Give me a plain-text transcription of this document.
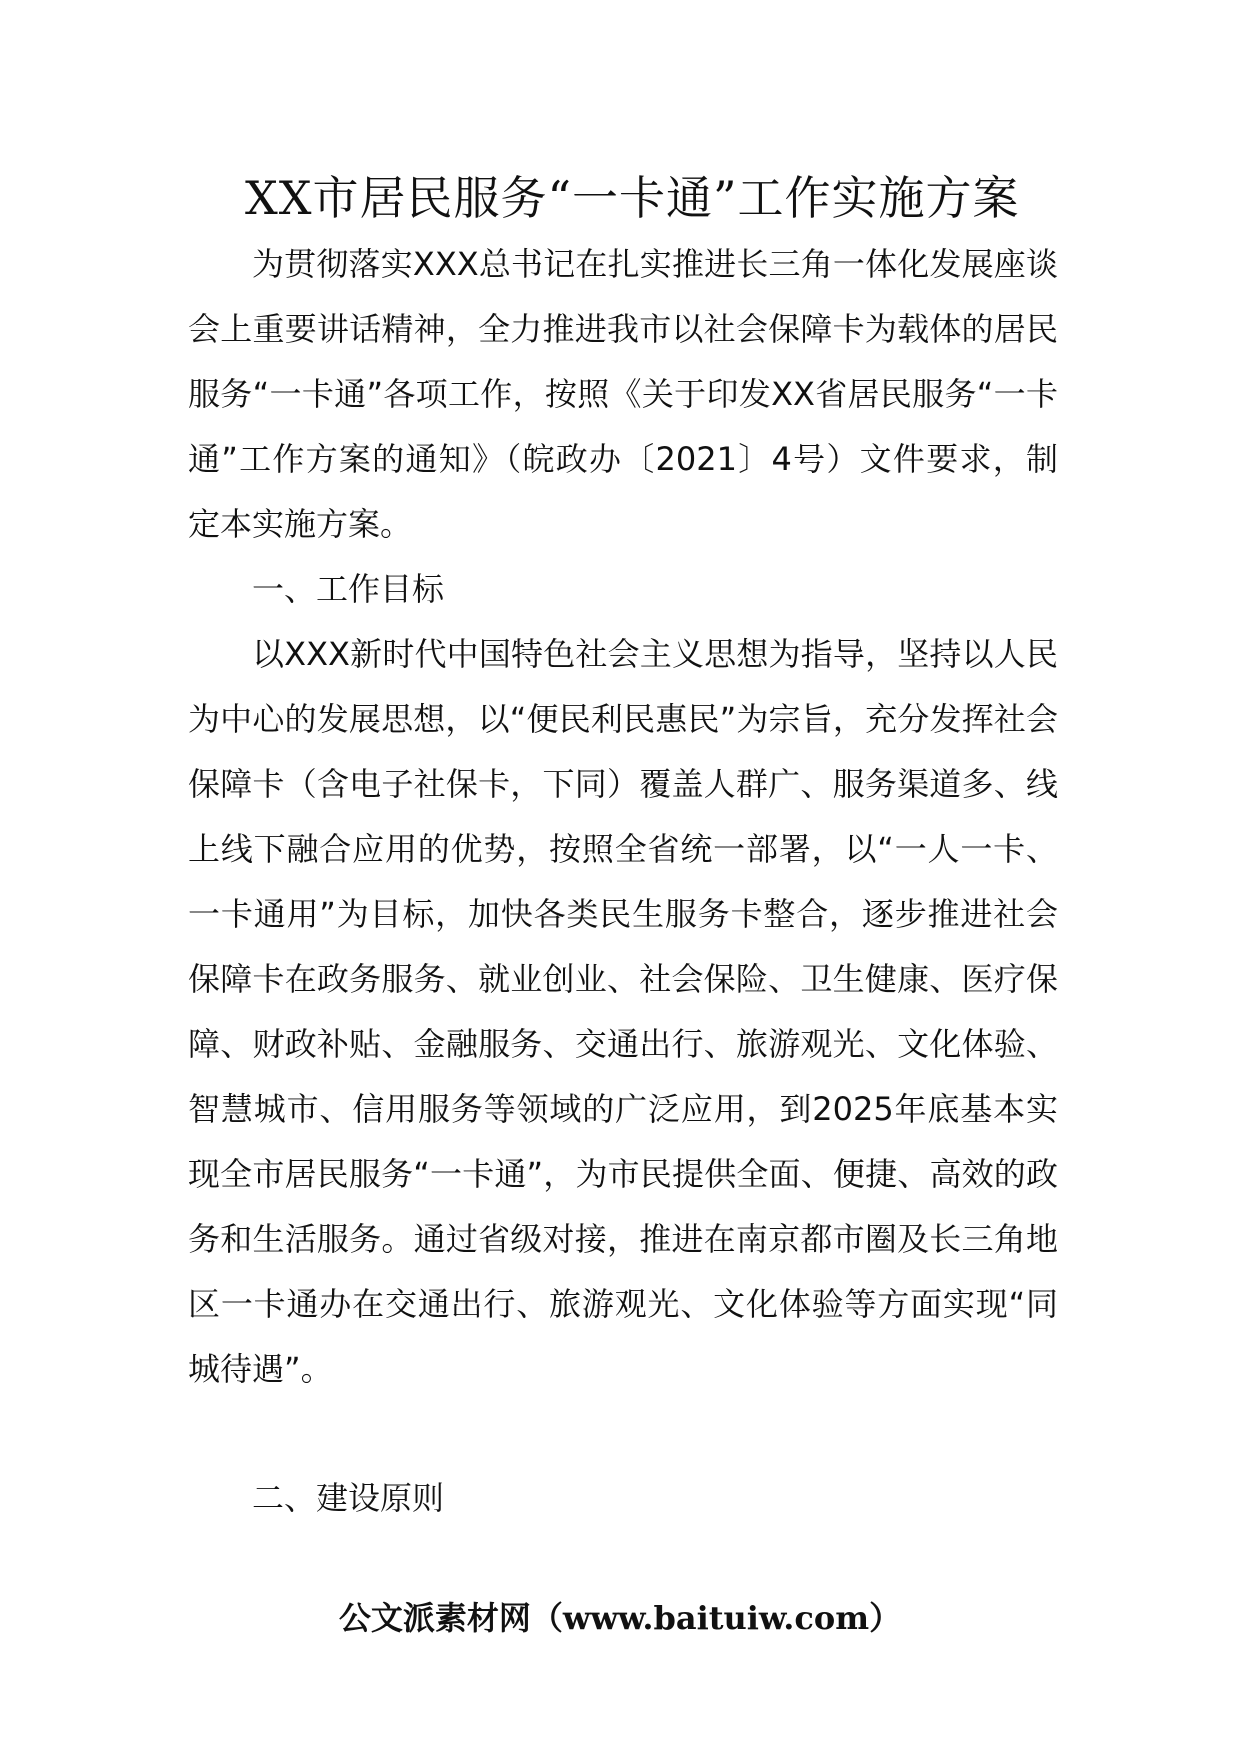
XX市居民服务“一卡通”工作实施方案

为贯彻落实XXX总书记在扎实推进长三角一体化发展座谈会上重要讲话精神，全力推进我市以社会保障卡为载体的居民服务“一卡通”各项工作，按照《关于印发XX省居民服务“一卡通”工作方案的通知》（皖政办〔2021〕4号）文件要求，制定本实施方案。

一、工作目标

以XXX新时代中国特色社会主义思想为指导，坚持以人民为中心的发展思想，以“便民利民惠民”为宗旨，充分发挥社会保障卡（含电子社保卡，下同）覆盖人群广、服务渠道多、线上线下融合应用的优势，按照全省统一部署，以“一人一卡、一卡通用”为目标，加快各类民生服务卡整合，逐步推进社会保障卡在政务服务、就业创业、社会保险、卫生健康、医疗保障、财政补贴、金融服务、交通出行、旅游观光、文化体验、智慧城市、信用服务等领域的广泛应用，到2025年底基本实现全市居民服务“一卡通”，为市民提供全面、便捷、高效的政务和生活服务。通过省级对接，推进在南京都市圈及长三角地区一卡通办在交通出行、旅游观光、文化体验等方面实现“同城待遇”。

二、建设原则

公文派素材网（www.baituiw.com）
